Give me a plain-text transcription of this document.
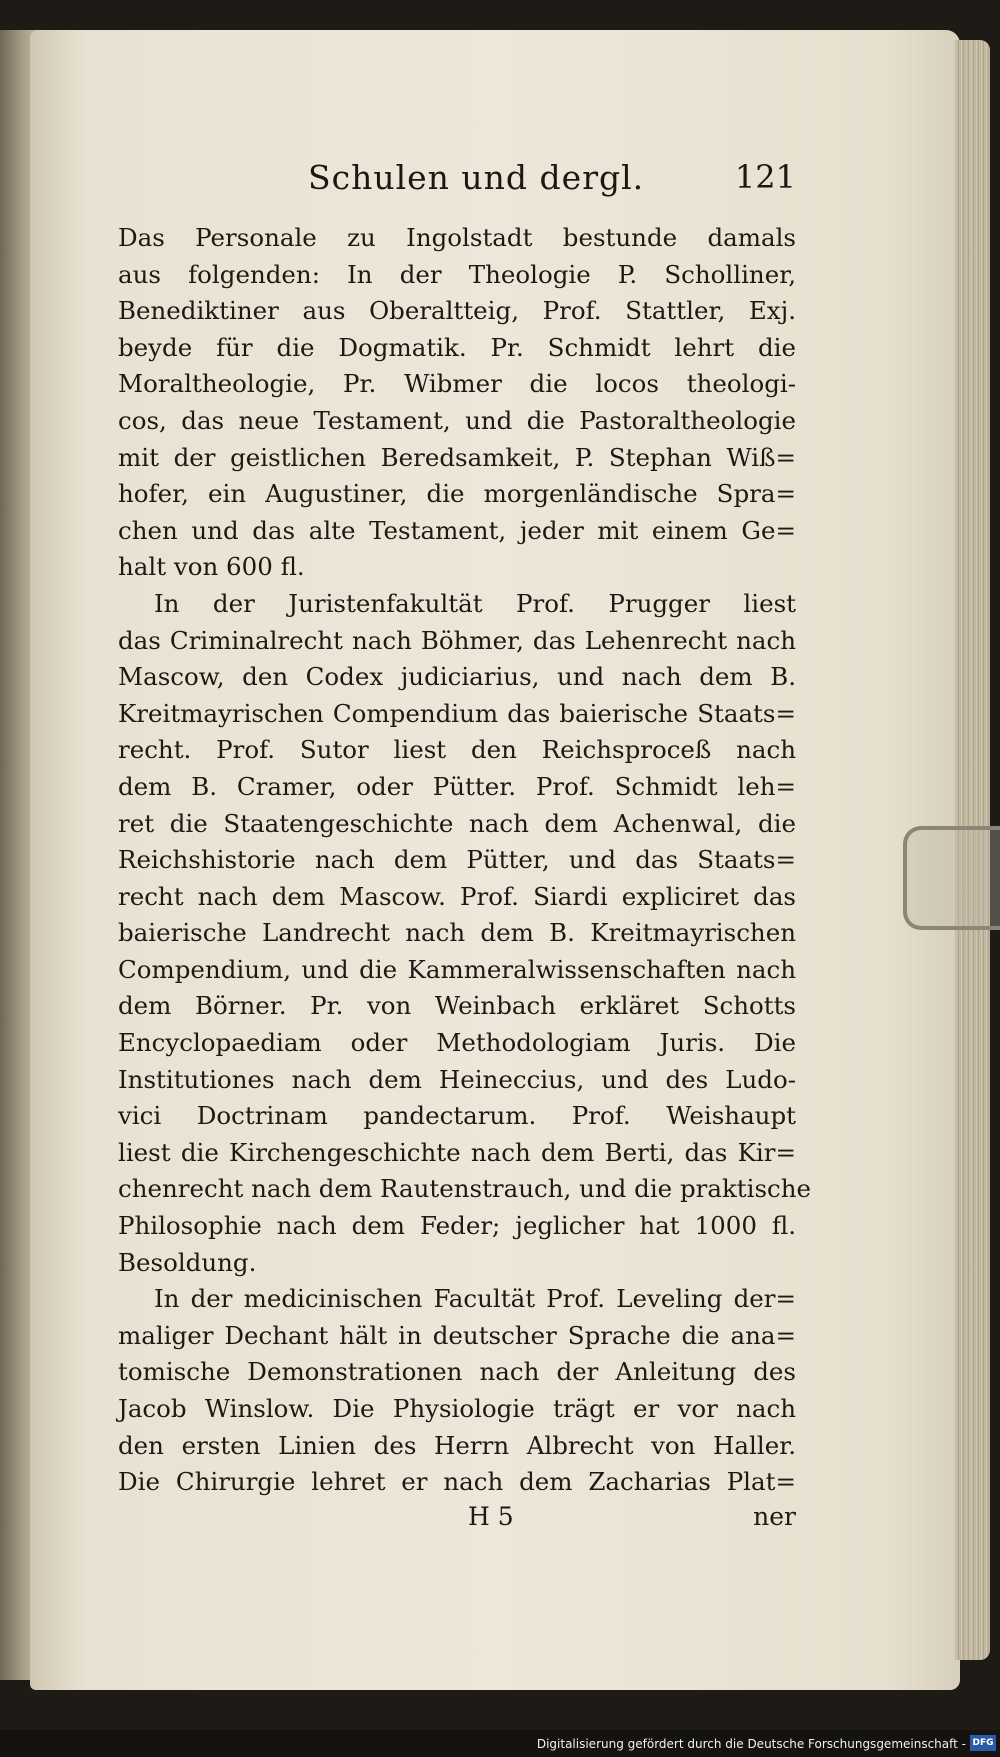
Schulen und dergl.	121
Das Personale zu Ingolstadt bestunde damals
aus folgenden: In der Theologie P. Scholliner,
Benediktiner aus Oberaltteig, Prof. Stattler, Exj.
beyde für die Dogmatik. Pr. Schmidt lehrt die
Moraltheologie, Pr. Wibmer die locos theologi-
cos, das neue Testament, und die Pastoraltheologie
mit der geistlichen Beredsamkeit, P. Stephan Wiß=
hofer, ein Augustiner, die morgenländische Spra=
chen und das alte Testament, jeder mit einem Ge=
halt von 600 fl.
In der Juristenfakultät Prof. Prugger liest
das Criminalrecht nach Böhmer, das Lehenrecht nach
Mascow, den Codex judiciarius, und nach dem B.
Kreitmayrischen Compendium das baierische Staats=
recht. Prof. Sutor liest den Reichsproceß nach
dem B. Cramer, oder Pütter. Prof. Schmidt leh=
ret die Staatengeschichte nach dem Achenwal, die
Reichshistorie nach dem Pütter, und das Staats=
recht nach dem Mascow. Prof. Siardi expliciret das
baierische Landrecht nach dem B. Kreitmayrischen
Compendium, und die Kammeralwissenschaften nach
dem Börner. Pr. von Weinbach erkläret Schotts
Encyclopaediam oder Methodologiam Juris. Die
Institutiones nach dem Heineccius, und des Ludo-
vici Doctrinam pandectarum. Prof. Weishaupt
liest die Kirchengeschichte nach dem Berti, das Kir=
chenrecht nach dem Rautenstrauch, und die praktische
Philosophie nach dem Feder; jeglicher hat 1000 fl.
Besoldung.
In der medicinischen Facultät Prof. Leveling der=
maliger Dechant hält in deutscher Sprache die ana=
tomische Demonstrationen nach der Anleitung des
Jacob Winslow. Die Physiologie trägt er vor nach
den ersten Linien des Herrn Albrecht von Haller.
Die Chirurgie lehret er nach dem Zacharias Plat=
H 5	ner
Digitalisierung gefördert durch die Deutsche Forschungsgemeinschaft - DFG
